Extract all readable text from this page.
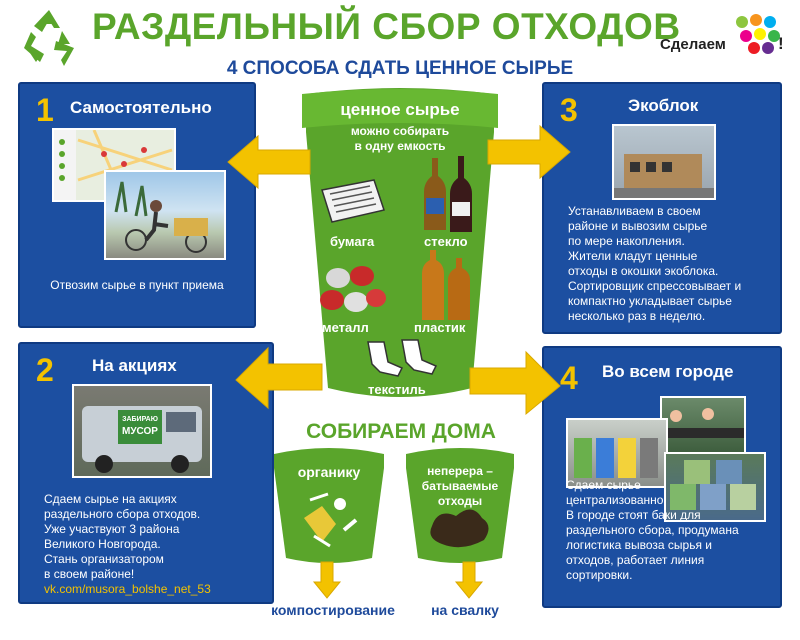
РАЗДЕЛЬНЫЙ СБОР ОТХОДОВ
4 СПОСОБА СДАТЬ ЦЕННОЕ СЫРЬЕ
Сделаем	!
1 Самостоятельно
Отвозим сырье в пункт приема
2 На акциях
ЗАБИРАЮ
МУСОР
Сдаем сырье на акциях
раздельного сбора отходов.
Уже участвуют 3 района
Великого Новгорода.
Стань организатором
в своем районе!
vk.com/musora_bolshe_net_53
3	Экоблок
Устанавливаем в своем
районе и вывозим сырье
по мере накопления.
Жители кладут ценные
отходы в окошки экоблока.
Сортировщик спрессовывает и
компактно укладывает сырье
несколько раз в неделю.
4 Во всем городе
Сдаем сырье
централизованно.
В городе стоят баки для
раздельного сбора, продумана
логистика вывоза сырья и
отходов, работает линия
сортировки.
ценное сырье
можно собирать
в одну емкость
бумага	стекло
металл	пластик
текстиль
СОБИРАЕМ ДОМА
органику	неперера –
батываемые
отходы
компостирование	на свалку
